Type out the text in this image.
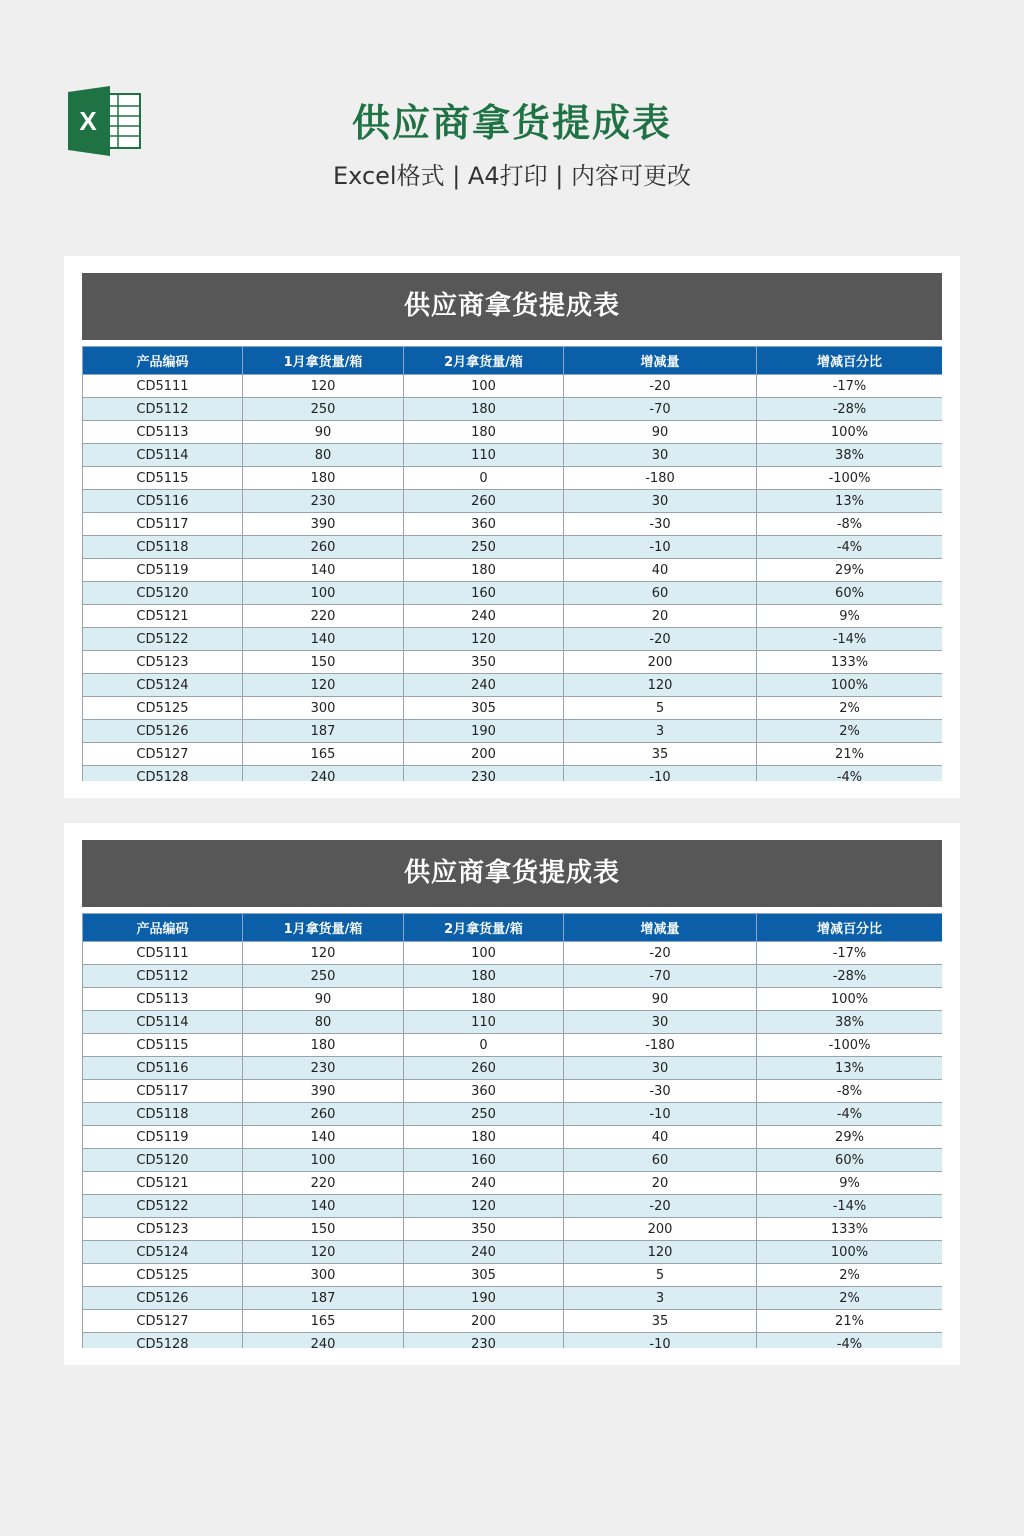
X	供应商拿货提成表
Excel格式 | A4打印 | 内容可更改
供应商拿货提成表
产品编码	1月拿货量/箱	2月拿货量/箱	增减量	增减百分比
CD5111	120	100	-20	-17%
CD5112	250	180	-70	-28%
CD5113	90	180	90	100%
CD5114	80	110	30	38%
CD5115	180	0	-180	-100%
CD5116	230	260	30	13%
CD5117	390	360	-30	-8%
CD5118	260	250	-10	-4%
CD5119	140	180	40	29%
CD5120	100	160	60	60%
CD5121	220	240	20	9%
CD5122	140	120	-20	-14%
CD5123	150	350	200	133%
CD5124	120	240	120	100%
CD5125	300	305	5	2%
CD5126	187	190	3	2%
CD5127	165	200	35	21%
CD5128	240	230	-10	-4%
供应商拿货提成表
产品编码	1月拿货量/箱	2月拿货量/箱	增减量	增减百分比
CD5111	120	100	-20	-17%
CD5112	250	180	-70	-28%
CD5113	90	180	90	100%
CD5114	80	110	30	38%
CD5115	180	0	-180	-100%
CD5116	230	260	30	13%
CD5117	390	360	-30	-8%
CD5118	260	250	-10	-4%
CD5119	140	180	40	29%
CD5120	100	160	60	60%
CD5121	220	240	20	9%
CD5122	140	120	-20	-14%
CD5123	150	350	200	133%
CD5124	120	240	120	100%
CD5125	300	305	5	2%
CD5126	187	190	3	2%
CD5127	165	200	35	21%
CD5128	240	230	-10	-4%
